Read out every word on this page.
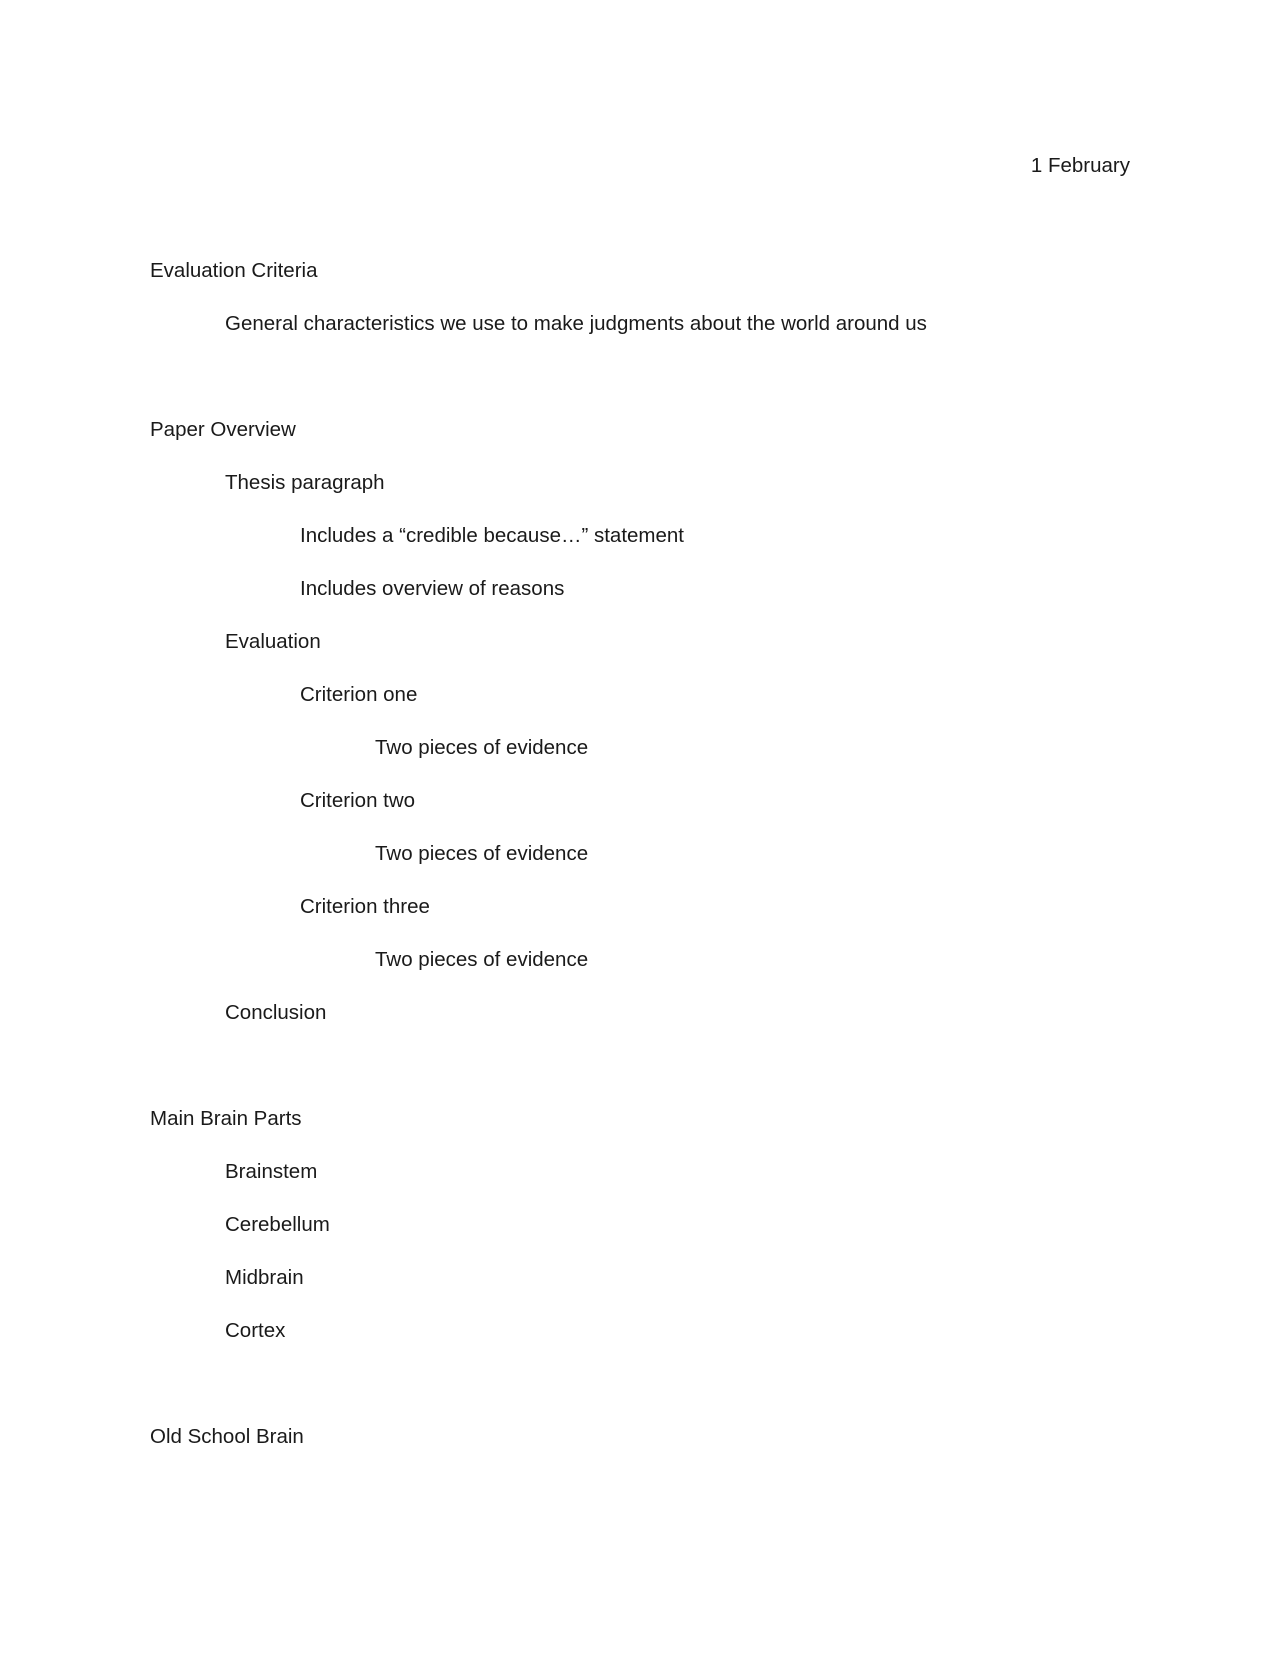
1 February
Evaluation Criteria
General characteristics we use to make judgments about the world around us
Paper Overview
Thesis paragraph
Includes a “credible because…” statement
Includes overview of reasons
Evaluation
Criterion one
Two pieces of evidence
Criterion two
Two pieces of evidence
Criterion three
Two pieces of evidence
Conclusion
Main Brain Parts
Brainstem
Cerebellum
Midbrain
Cortex
Old School Brain
